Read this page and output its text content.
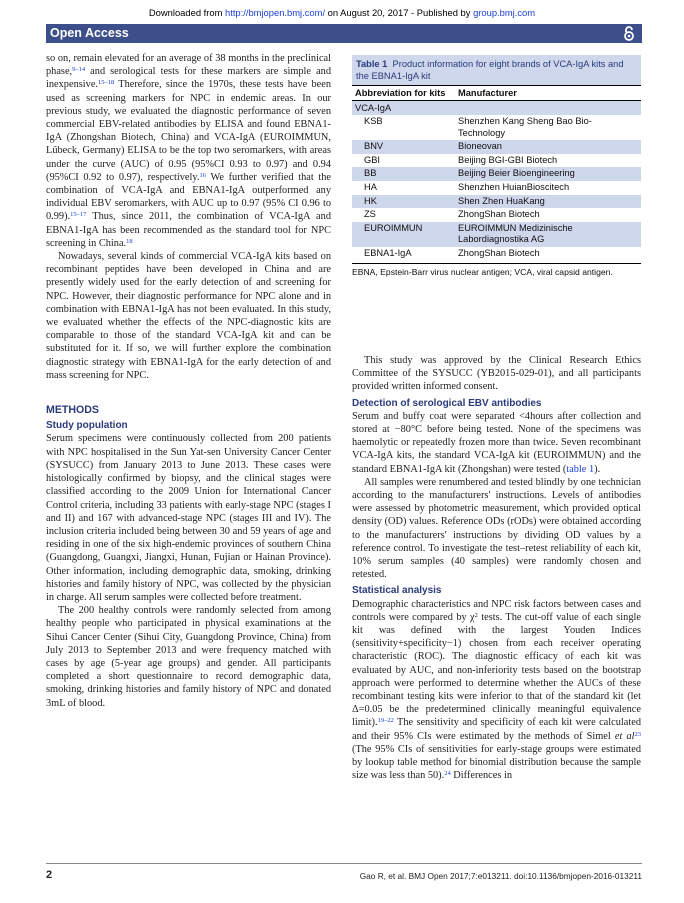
Downloaded from http://bmjopen.bmj.com/ on August 20, 2017 - Published by group.bmj.com
Open Access

so on, remain elevated for an average of 38 months in the preclinical phase,$^{9-14}$ and serological tests for these markers are simple and inexpensive.$^{15-18}$ Therefore, since the 1970s, these tests have been used as screening markers for NPC in endemic areas. In our previous study, we evaluated the diagnostic performance of seven commercial EBV-related antibodies by ELISA and found EBNA1-IgA (Zhongshan Biotech, China) and VCA-IgA (EUROIMMUN, Lübeck, Germany) ELISA to be the top two seromarkers, with areas under the curve (AUC) of 0.95 (95%CI 0.93 to 0.97) and 0.94 (95%CI 0.92 to 0.97), respectively.$^{16}$ We further verified that the combination of VCA-IgA and EBNA1-IgA outperformed any individual EBV seromarkers, with AUC up to 0.97 (95% CI 0.96 to 0.99).$^{15-17}$ Thus, since 2011, the combination of VCA-IgA and EBNA1-IgA has been recommended as the standard tool for NPC screening in China.$^{18}$

Nowadays, several kinds of commercial VCA-IgA kits based on recombinant peptides have been developed in China and are presently widely used for the early detection of and screening for NPC. However, their diagnostic performance for NPC alone and in combination with EBNA1-IgA has not been evaluated. In this study, we evaluated whether the effects of the NPC-diagnostic kits are comparable to those of the standard VCA-IgA kit and can be substituted for it. If so, we will further explore the combination diagnostic strategy with EBNA1-IgA for the early detection of and mass screening for NPC.

METHODS
Study population

Serum specimens were continuously collected from 200 patients with NPC hospitalised in the Sun Yat-sen University Cancer Center (SYSUCC) from January 2013 to June 2013. These cases were histologically confirmed by biopsy, and the clinical stages were classified according to the 2009 Union for International Cancer Control criteria, including 33 patients with early-stage NPC (stages I and II) and 167 with advanced-stage NPC (stages III and IV). The inclusion criteria included being between 30 and 59 years of age and residing in one of the six high-endemic provinces of southern China (Guangdong, Guangxi, Jiangxi, Hunan, Fujian or Hainan Province). Other information, including demographic data, smoking, drinking histories and family history of NPC, was collected by the physician in charge. All serum samples were collected before treatment.

The 200 healthy controls were randomly selected from among healthy people who participated in physical examinations at the Sihui Cancer Center (Sihui City, Guangdong Province, China) from July 2013 to September 2013 and were frequency matched with cases by age (5-year age groups) and gender. All participants completed a short questionnaire to record demographic data, smoking, drinking histories and family history of NPC and donated 3mL of blood.

Table 1 Product information for eight brands of VCA-IgA kits and the EBNA1-IgA kit
Abbreviation for kits	Manufacturer
VCA-IgA
KSB	Shenzhen Kang Sheng Bao Bio-Technology
BNV	Bioneovan
GBI	Beijing BGI-GBI Biotech
BB	Beijing Beier Bioengineering
HA	Shenzhen HuianBioscitech
HK	Shen Zhen HuaKang
ZS	ZhongShan Biotech
EUROIMMUN	EUROIMMUN Medizinische Labordiagnostika AG
EBNA1-IgA	ZhongShan Biotech
EBNA, Epstein-Barr virus nuclear antigen; VCA, viral capsid antigen.

This study was approved by the Clinical Research Ethics Committee of the SYSUCC (YB2015-029-01), and all participants provided written informed consent.

Detection of serological EBV antibodies

Serum and buffy coat were separated <4hours after collection and stored at −80°C before being tested. None of the specimens was haemolytic or repeatedly frozen more than twice. Seven recombinant VCA-IgA kits, the standard VCA-IgA kit (EUROIMMUN) and the standard EBNA1-IgA kit (Zhongshan) were tested (table 1).

All samples were renumbered and tested blindly by one technician according to the manufacturers' instructions. Levels of antibodies were assessed by photometric measurement, which provided optical density (OD) values. Reference ODs (rODs) were obtained according to the manufacturers' instructions by dividing OD values by a reference control. To investigate the test–retest reliability of each kit, 10% serum samples (40 samples) were randomly chosen and retested.

Statistical analysis

Demographic characteristics and NPC risk factors between cases and controls were compared by $\chi^2$ tests. The cut-off value of each single kit was defined with the largest Youden Indices (sensitivity+specificity−1) chosen from each receiver operating characteristic (ROC). The diagnostic efficacy of each kit was evaluated by AUC, and non-inferiority tests based on the bootstrap approach were performed to determine whether the AUCs of these recombinant testing kits were inferior to that of the standard kit (let Δ=0.05 be the predetermined clinically meaningful equivalence limit).$^{19-22}$ The sensitivity and specificity of each kit were calculated and their 95% CIs were estimated by the methods of Simel et al$^{23}$ (The 95% CIs of sensitivities for early-stage groups were estimated by lookup table method for binomial distribution because the sample size was less than 50).$^{24}$ Differences in

2	Gao R, et al. BMJ Open 2017;7:e013211. doi:10.1136/bmjopen-2016-013211
